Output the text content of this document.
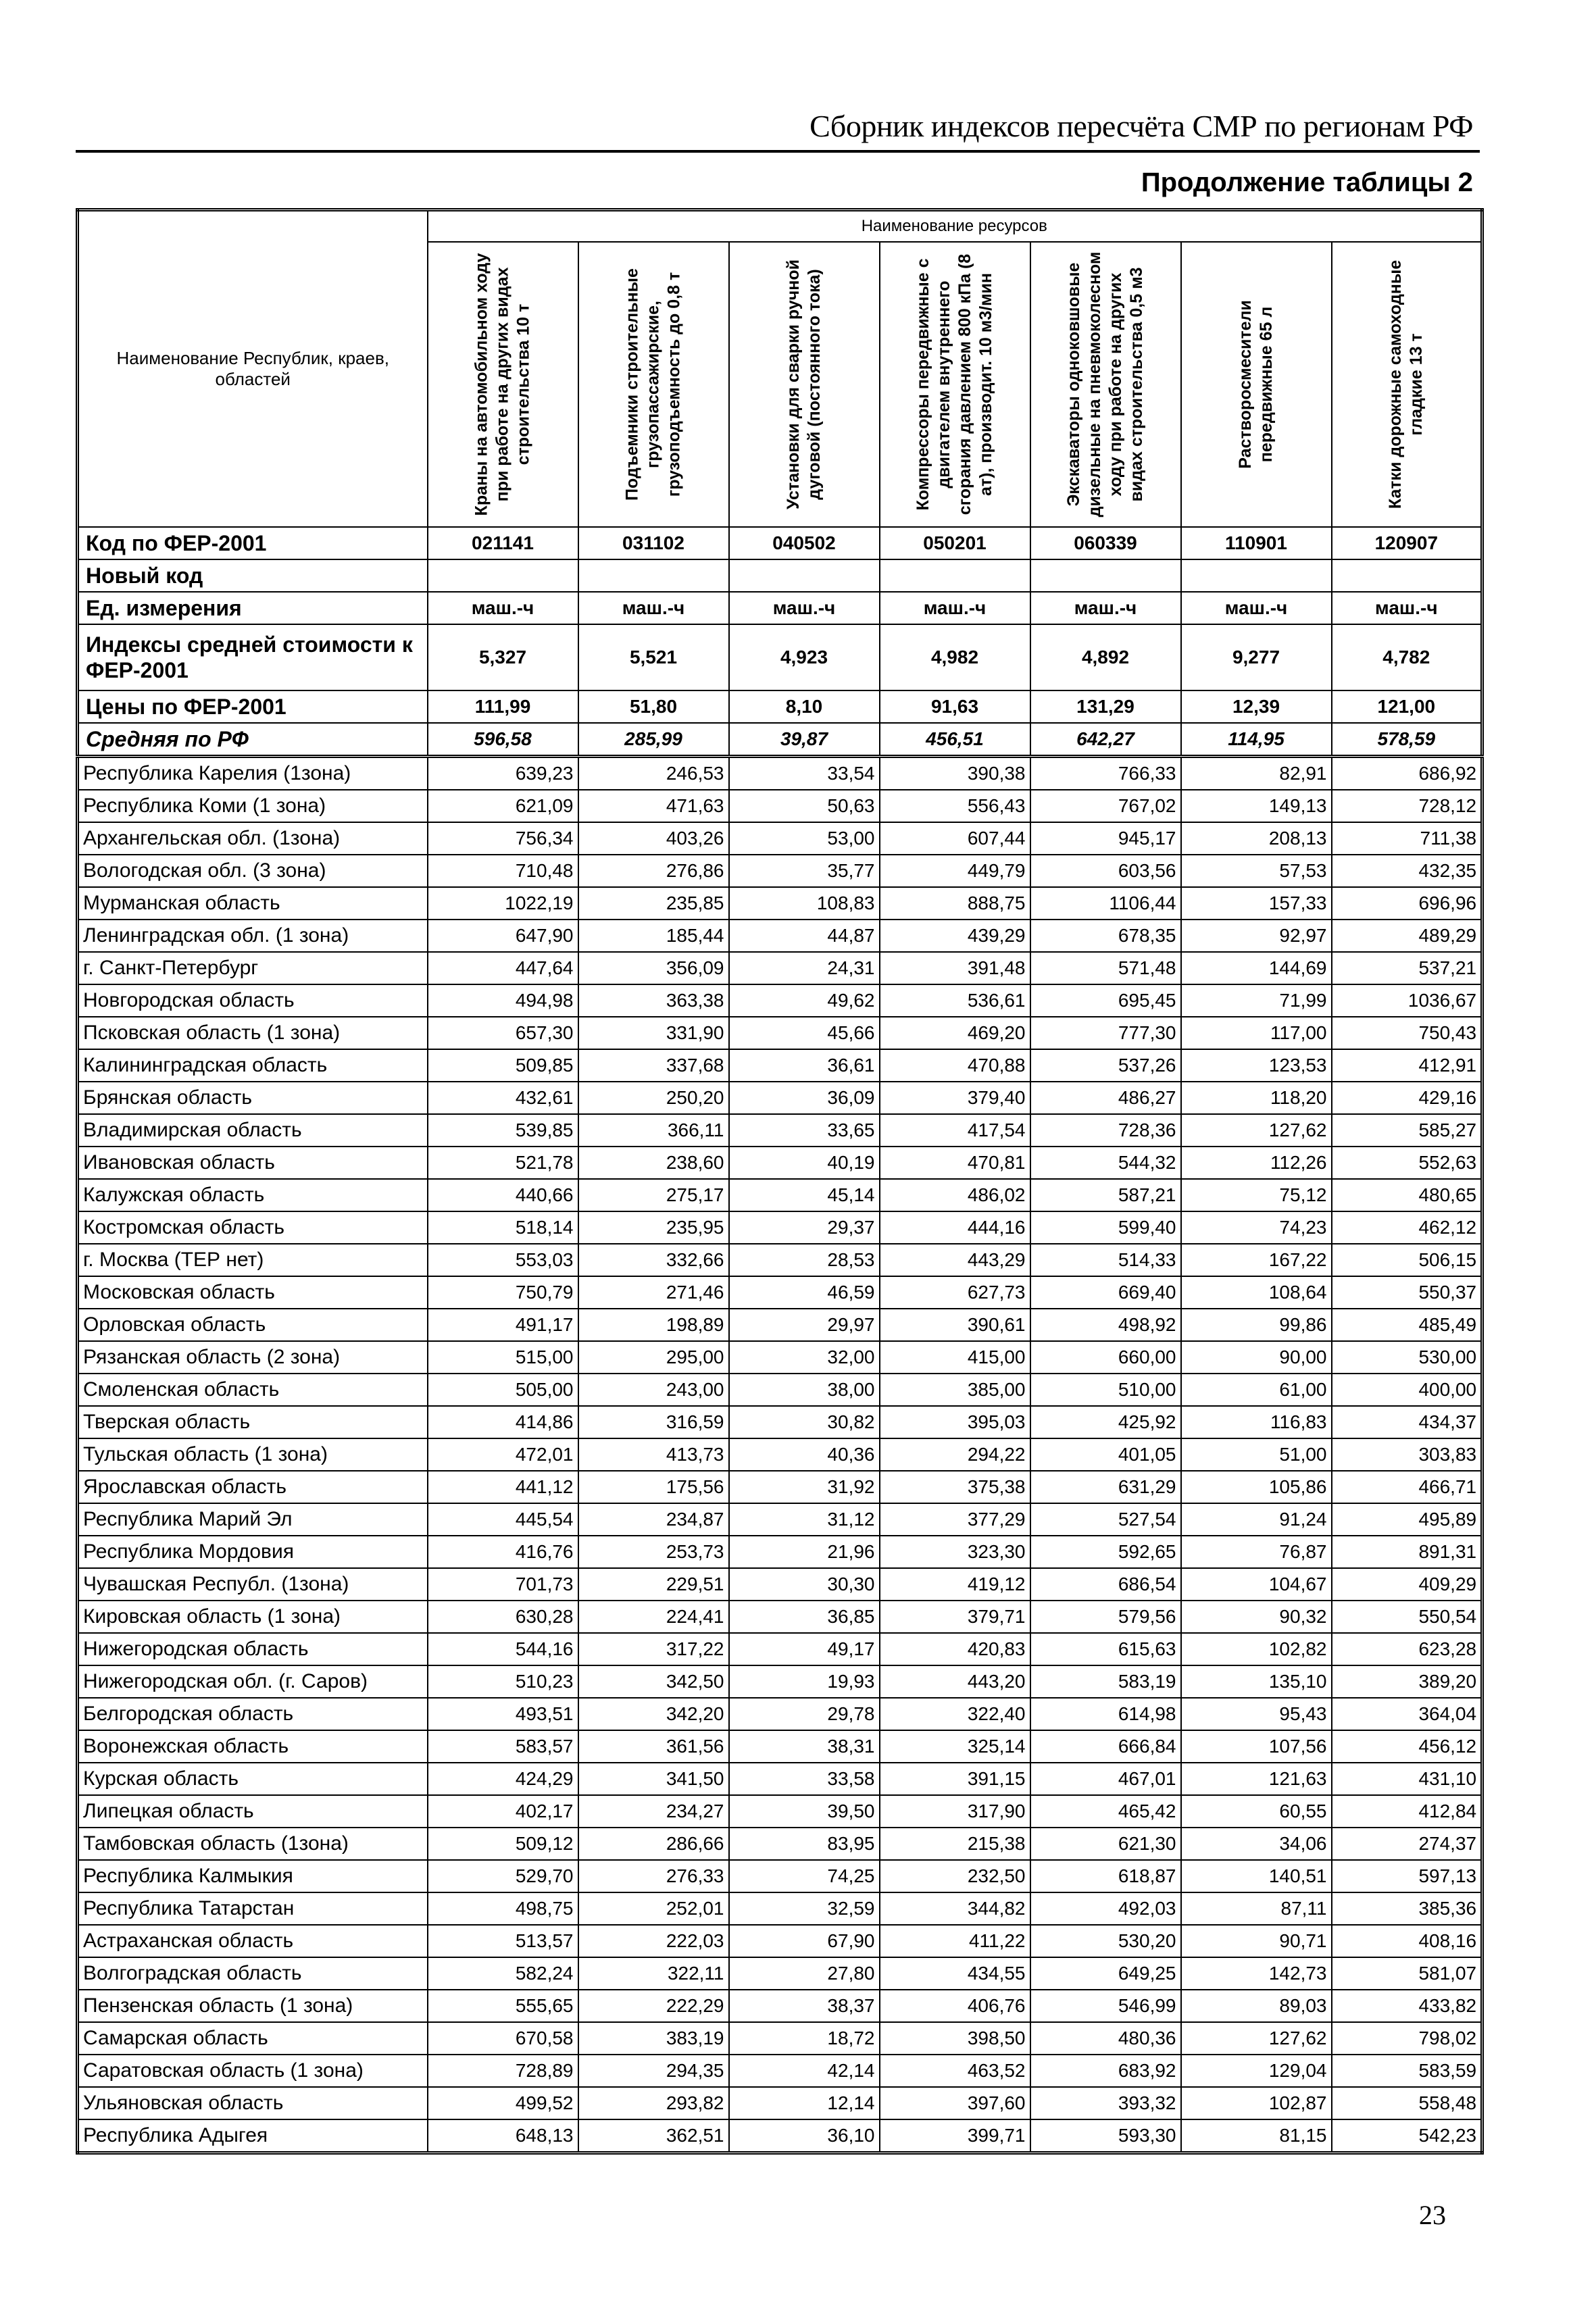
Сборник индексов пересчёта СМР по регионам РФ
Продолжение таблицы 2
Наименование Республик, краев, областей	Наименование ресурсов						

	Краны на автомобильном ходу при работе на других видах строительства 10 т	Подъемники строительные грузопассажирские, грузоподъемность до 0,8 т	Установки для сварки ручной дуговой (постоянного тока)	Компрессоры передвижные с двигателем внутреннего сгорания давлением 800 кПа (8 ат), производит. 10 м3/мин	Экскаваторы одноковшовые дизельные на пневмоколесном ходу при работе на других видах строительства 0,5 м3	Растворосмесители передвижные 65 л	Катки дорожные самоходные гладкие 13 т

Код по ФЕР-2001	021141	031102	040502	050201	060339	110901	120907
Новый код							
Ед. измерения	маш.-ч	маш.-ч	маш.-ч	маш.-ч	маш.-ч	маш.-ч	маш.-ч
Индексы средней стоимости к ФЕР-2001	5,327	5,521	4,923	4,982	4,892	9,277	4,782
Цены по ФЕР-2001	111,99	51,80	8,10	91,63	131,29	12,39	121,00
Средняя по РФ	596,58	285,99	39,87	456,51	642,27	114,95	578,59
Республика Карелия (1зона)	639,23	246,53	33,54	390,38	766,33	82,91	686,92
Республика Коми (1 зона)	621,09	471,63	50,63	556,43	767,02	149,13	728,12
Архангельская обл. (1зона)	756,34	403,26	53,00	607,44	945,17	208,13	711,38
Вологодская обл. (3 зона)	710,48	276,86	35,77	449,79	603,56	57,53	432,35
Мурманская область	1022,19	235,85	108,83	888,75	1106,44	157,33	696,96
Ленинградская обл. (1 зона)	647,90	185,44	44,87	439,29	678,35	92,97	489,29
г. Санкт-Петербург	447,64	356,09	24,31	391,48	571,48	144,69	537,21
Новгородская область	494,98	363,38	49,62	536,61	695,45	71,99	1036,67
Псковская область (1 зона)	657,30	331,90	45,66	469,20	777,30	117,00	750,43
Калининградская область	509,85	337,68	36,61	470,88	537,26	123,53	412,91
Брянская область	432,61	250,20	36,09	379,40	486,27	118,20	429,16
Владимирская область	539,85	366,11	33,65	417,54	728,36	127,62	585,27
Ивановская область	521,78	238,60	40,19	470,81	544,32	112,26	552,63
Калужская область	440,66	275,17	45,14	486,02	587,21	75,12	480,65
Костромская область	518,14	235,95	29,37	444,16	599,40	74,23	462,12
г. Москва (ТЕР нет)	553,03	332,66	28,53	443,29	514,33	167,22	506,15
Московская область	750,79	271,46	46,59	627,73	669,40	108,64	550,37
Орловская область	491,17	198,89	29,97	390,61	498,92	99,86	485,49
Рязанская область (2 зона)	515,00	295,00	32,00	415,00	660,00	90,00	530,00
Смоленская область	505,00	243,00	38,00	385,00	510,00	61,00	400,00
Тверская область	414,86	316,59	30,82	395,03	425,92	116,83	434,37
Тульская область (1 зона)	472,01	413,73	40,36	294,22	401,05	51,00	303,83
Ярославская область	441,12	175,56	31,92	375,38	631,29	105,86	466,71
Республика Марий Эл	445,54	234,87	31,12	377,29	527,54	91,24	495,89
Республика Мордовия	416,76	253,73	21,96	323,30	592,65	76,87	891,31
Чувашская Республ. (1зона)	701,73	229,51	30,30	419,12	686,54	104,67	409,29
Кировская область (1 зона)	630,28	224,41	36,85	379,71	579,56	90,32	550,54
Нижегородская область	544,16	317,22	49,17	420,83	615,63	102,82	623,28
Нижегородская обл. (г. Саров)	510,23	342,50	19,93	443,20	583,19	135,10	389,20
Белгородская область	493,51	342,20	29,78	322,40	614,98	95,43	364,04
Воронежская область	583,57	361,56	38,31	325,14	666,84	107,56	456,12
Курская область	424,29	341,50	33,58	391,15	467,01	121,63	431,10
Липецкая область	402,17	234,27	39,50	317,90	465,42	60,55	412,84
Тамбовская область (1зона)	509,12	286,66	83,95	215,38	621,30	34,06	274,37
Республика Калмыкия	529,70	276,33	74,25	232,50	618,87	140,51	597,13
Республика Татарстан	498,75	252,01	32,59	344,82	492,03	87,11	385,36
Астраханская область	513,57	222,03	67,90	411,22	530,20	90,71	408,16
Волгоградская область	582,24	322,11	27,80	434,55	649,25	142,73	581,07
Пензенская область (1 зона)	555,65	222,29	38,37	406,76	546,99	89,03	433,82
Самарская область	670,58	383,19	18,72	398,50	480,36	127,62	798,02
Саратовская область (1 зона)	728,89	294,35	42,14	463,52	683,92	129,04	583,59
Ульяновская область	499,52	293,82	12,14	397,60	393,32	102,87	558,48
Республика Адыгея	648,13	362,51	36,10	399,71	593,30	81,15	542,23
23
